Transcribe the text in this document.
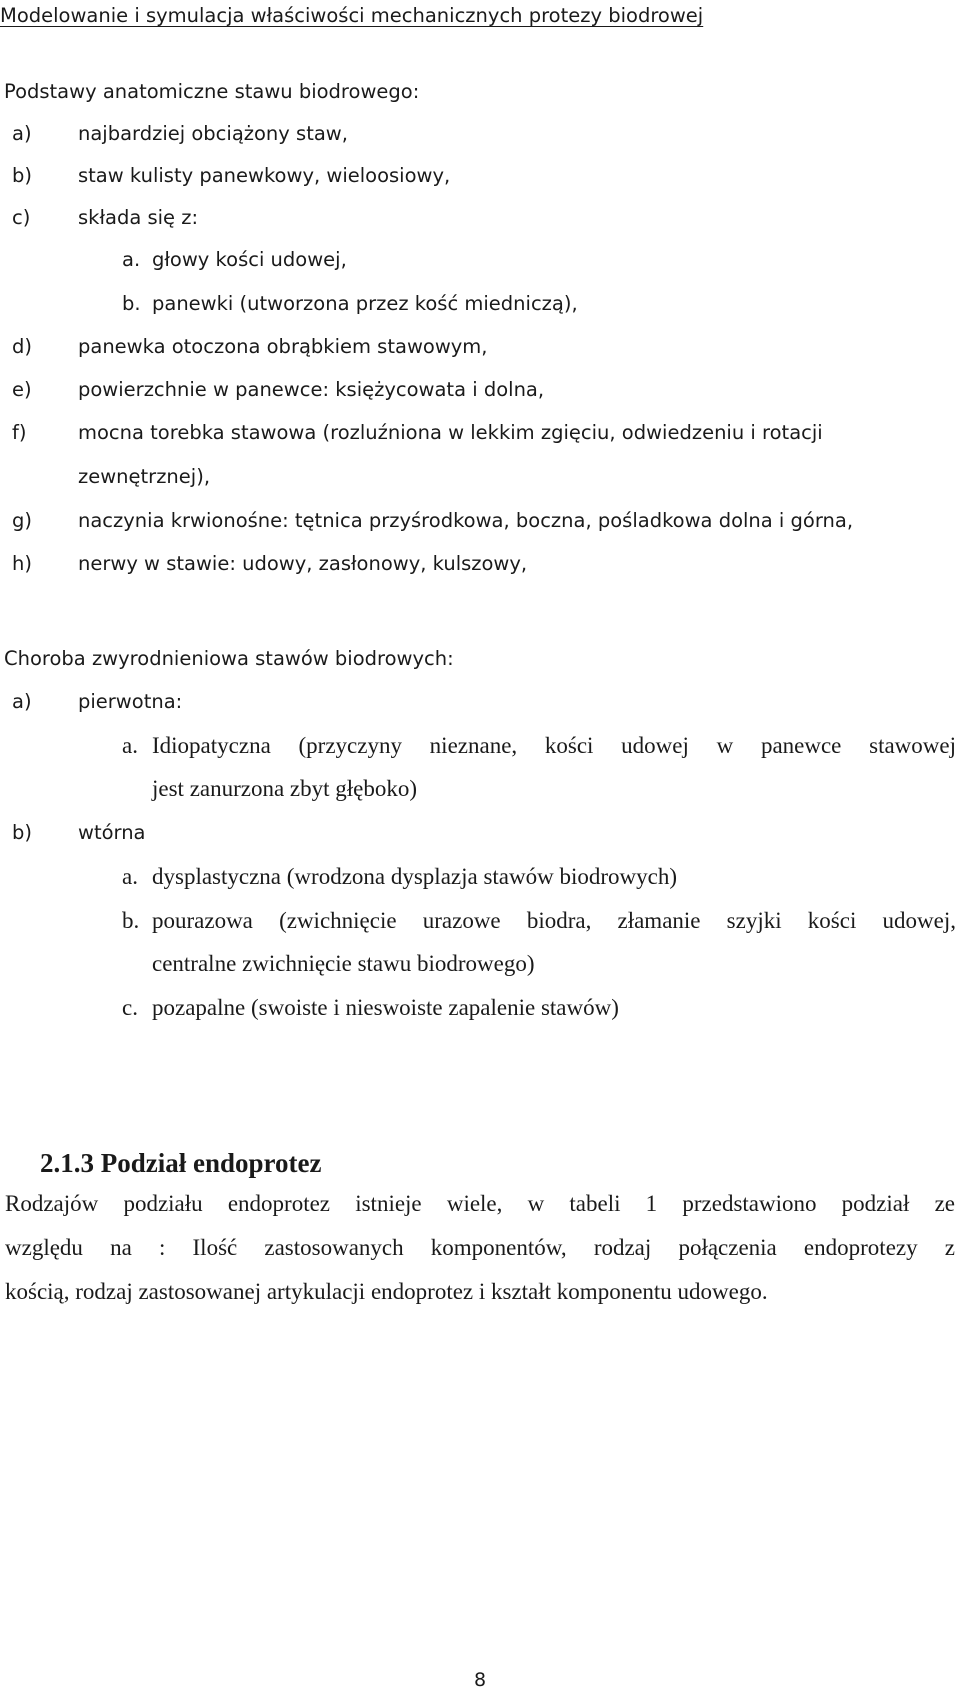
Modelowanie i symulacja właściwości mechanicznych protezy biodrowej
Podstawy anatomiczne stawu biodrowego:
a) najbardziej obciążony staw,
b) staw kulisty panewkowy, wieloosiowy,
c) składa się z:
a. głowy kości udowej,
b. panewki (utworzona przez kość miedniczą),
d) panewka otoczona obrąbkiem stawowym,
e) powierzchnie w panewce: księżycowata i dolna,
f)	mocna torebka stawowa (rozluźniona w lekkim zgięciu, odwiedzeniu i rotacji
zewnętrznej),
g) naczynia krwionośne: tętnica przyśrodkowa, boczna, pośladkowa dolna i górna,
h) nerwy w stawie: udowy, zasłonowy, kulszowy,
Choroba zwyrodnieniowa stawów biodrowych:
a) pierwotna:
a. Idiopatyczna (przyczyny nieznane, kości udowej w panewce stawowej
jest zanurzona zbyt głęboko)
b) wtórna
a. dysplastyczna (wrodzona dysplazja stawów biodrowych)
b. pourazowa (zwichnięcie urazowe biodra, złamanie szyjki kości udowej,
centralne zwichnięcie stawu biodrowego)
c. pozapalne (swoiste i nieswoiste zapalenie stawów)
2.1.3 Podział endoprotez
Rodzajów podziału endoprotez istnieje wiele, w tabeli 1 przedstawiono podział ze
względu na : Ilość zastosowanych komponentów, rodzaj połączenia endoprotezy z
kością, rodzaj zastosowanej artykulacji endoprotez i kształt komponentu udowego.
8
